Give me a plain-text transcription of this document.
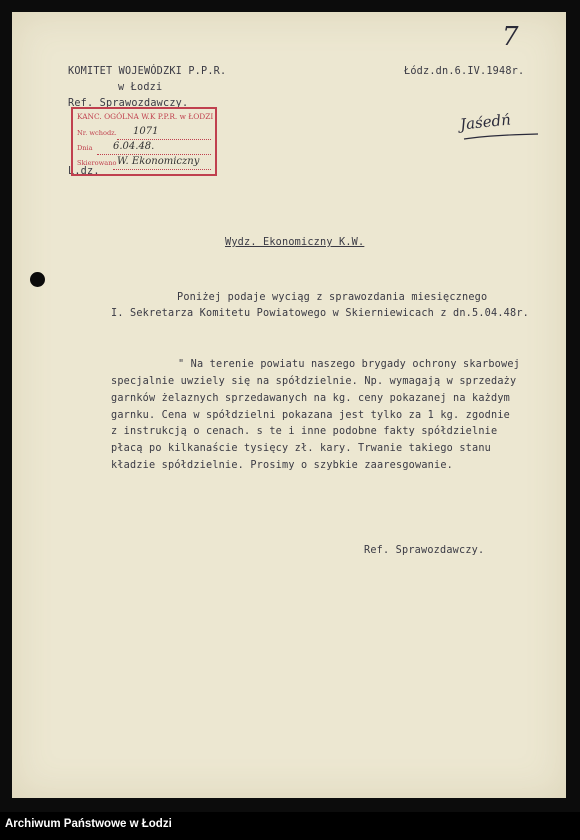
7
KOMITET WOJEWÓDZKI P.P.R.
w Łodzi
Ref. Sprawozdawczy.
L.dz.
Łódz.dn.6.IV.1948r.
Jaśedń
KANC. OGÓLNA W.K P.P.R. w ŁODZI
Nr. wchodz. 1071
Dnia 6.04.48.
Skierowano W. Ekonomiczny
Wydz. Ekonomiczny K.W.
Poniżej podaje wyciąg z sprawozdania miesięcznego
I. Sekretarza Komitetu Powiatowego w Skierniewicach z dn.5.04.48r.
" Na terenie powiatu naszego brygady ochrony skarbowej
specjalnie uwziely się na spółdzielnie. Np. wymagają w sprzedaży
garnków żelaznych sprzedawanych na kg. ceny pokazanej na każdym
garnku. Cena w spółdzielni pokazana jest tylko za 1 kg. zgodnie
z instrukcją o cenach. s te i inne podobne fakty spółdzielnie
płacą po kilkanaście tysięcy zł. kary. Trwanie takiego stanu
kładzie spółdzielnie. Prosimy o szybkie zaaresgowanie.
Ref. Sprawozdawczy.
Archiwum Państwowe w Łodzi
